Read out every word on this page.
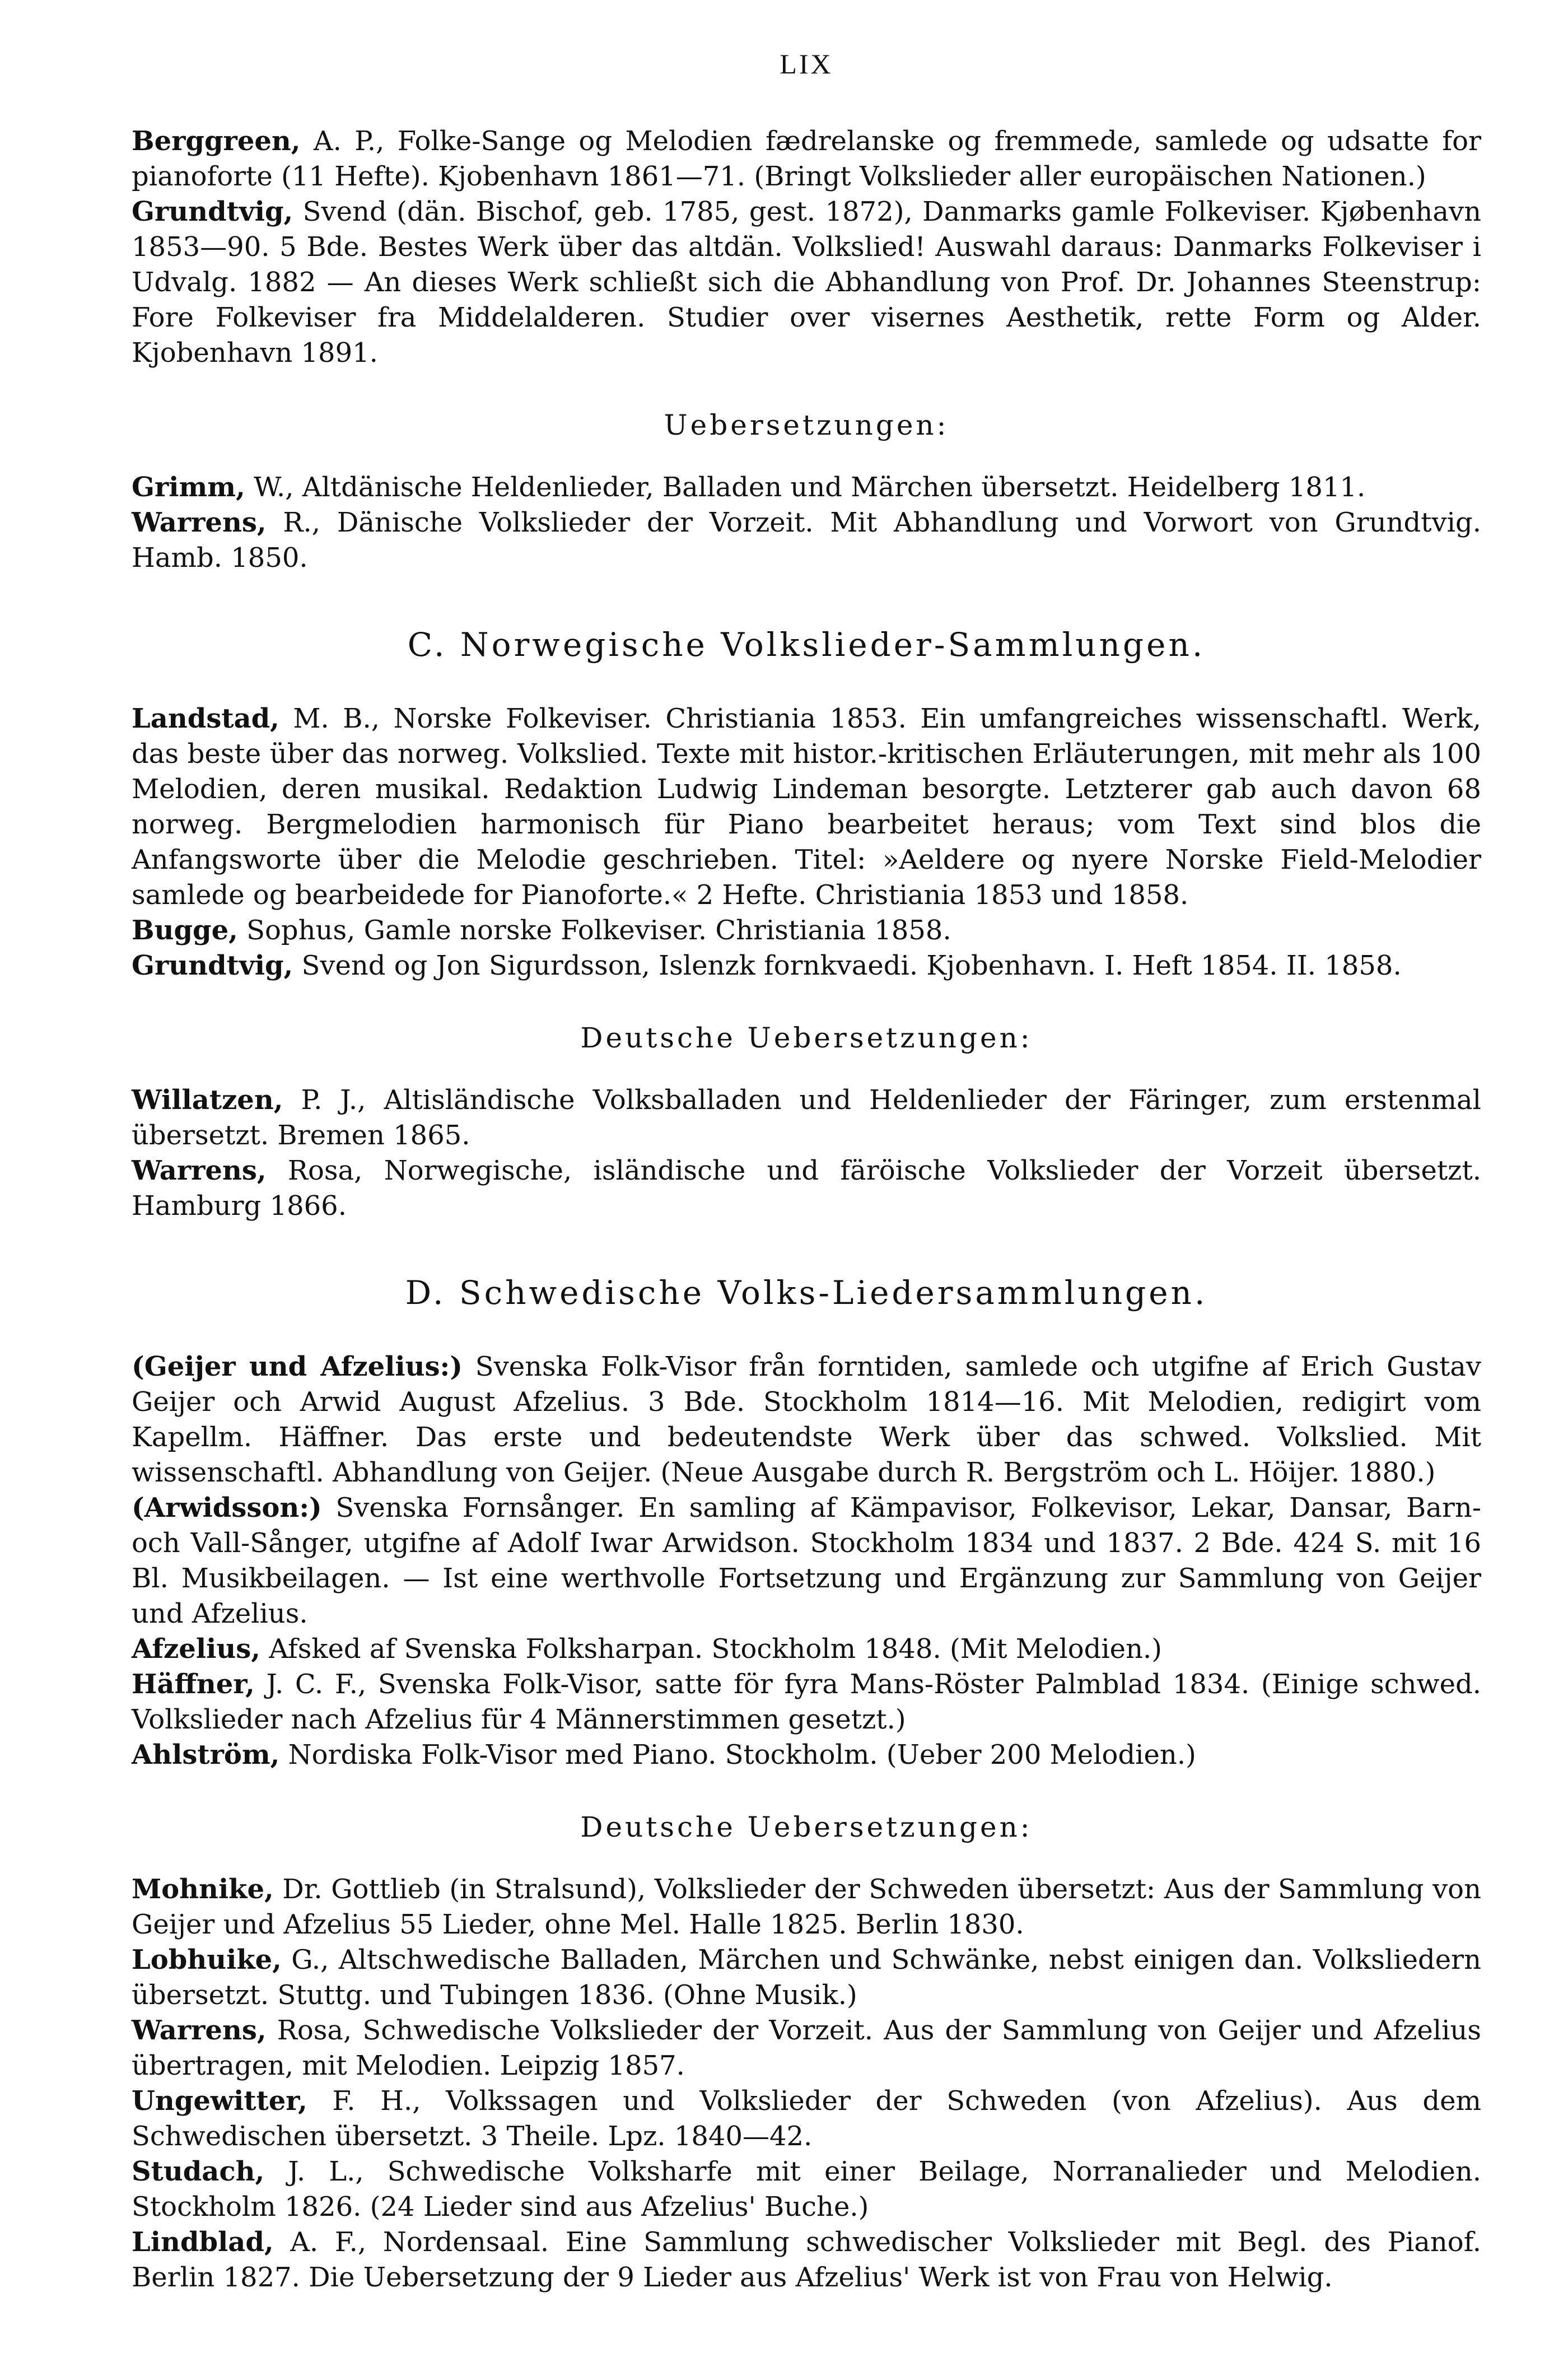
LIX

Berggreen, A. P., Folke-Sange og Melodien fædrelanske og fremmede, samlede og udsatte for pianoforte (11 Hefte). Kjobenhavn 1861—71. (Bringt Volkslieder aller europäischen Nationen.)

Grundtvig, Svend (dän. Bischof, geb. 1785, gest. 1872), Danmarks gamle Folkeviser. Kjøbenhavn 1853—90. 5 Bde. Bestes Werk über das altdän. Volkslied! Auswahl daraus: Danmarks Folkeviser i Udvalg. 1882 — An dieses Werk schließt sich die Abhandlung von Prof. Dr. Johannes Steenstrup: Fore Folkeviser fra Middelalderen. Studier over visernes Aesthetik, rette Form og Alder. Kjobenhavn 1891.

Uebersetzungen:

Grimm, W., Altdänische Heldenlieder, Balladen und Märchen übersetzt. Heidelberg 1811.

Warrens, R., Dänische Volkslieder der Vorzeit. Mit Abhandlung und Vorwort von Grundtvig. Hamb. 1850.

C. Norwegische Volkslieder-Sammlungen.

Landstad, M. B., Norske Folkeviser. Christiania 1853. Ein umfangreiches wissenschaftl. Werk, das beste über das norweg. Volkslied. Texte mit histor.-kritischen Erläuterungen, mit mehr als 100 Melodien, deren musikal. Redaktion Ludwig Lindeman besorgte. Letzterer gab auch davon 68 norweg. Bergmelodien harmonisch für Piano bearbeitet heraus; vom Text sind blos die Anfangsworte über die Melodie geschrieben. Titel: »Aeldere og nyere Norske Field-Melodier samlede og bearbeidede for Pianoforte.« 2 Hefte. Christiania 1853 und 1858.

Bugge, Sophus, Gamle norske Folkeviser. Christiania 1858.

Grundtvig, Svend og Jon Sigurdsson, Islenzk fornkvaedi. Kjobenhavn. I. Heft 1854. II. 1858.

Deutsche Uebersetzungen:

Willatzen, P. J., Altisländische Volksballaden und Heldenlieder der Färinger, zum erstenmal übersetzt. Bremen 1865.

Warrens, Rosa, Norwegische, isländische und färöische Volkslieder der Vorzeit übersetzt. Hamburg 1866.

D. Schwedische Volks-Liedersammlungen.

(Geijer und Afzelius:) Svenska Folk-Visor från forntiden, samlede och utgifne af Erich Gustav Geijer och Arwid August Afzelius. 3 Bde. Stockholm 1814—16. Mit Melodien, redigirt vom Kapellm. Häffner. Das erste und bedeutendste Werk über das schwed. Volkslied. Mit wissenschaftl. Abhandlung von Geijer. (Neue Ausgabe durch R. Bergström och L. Höijer. 1880.)

(Arwidsson:) Svenska Fornsånger. En samling af Kämpavisor, Folkevisor, Lekar, Dansar, Barn- och Vall-Sånger, utgifne af Adolf Iwar Arwidson. Stockholm 1834 und 1837. 2 Bde. 424 S. mit 16 Bl. Musikbeilagen. — Ist eine werthvolle Fortsetzung und Ergänzung zur Sammlung von Geijer und Afzelius.

Afzelius, Afsked af Svenska Folksharpan. Stockholm 1848. (Mit Melodien.)

Häffner, J. C. F., Svenska Folk-Visor, satte för fyra Mans-Röster Palmblad 1834. (Einige schwed. Volkslieder nach Afzelius für 4 Männerstimmen gesetzt.)

Ahlström, Nordiska Folk-Visor med Piano. Stockholm. (Ueber 200 Melodien.)

Deutsche Uebersetzungen:

Mohnike, Dr. Gottlieb (in Stralsund), Volkslieder der Schweden übersetzt: Aus der Sammlung von Geijer und Afzelius 55 Lieder, ohne Mel. Halle 1825. Berlin 1830.

Lobhuike, G., Altschwedische Balladen, Märchen und Schwänke, nebst einigen dan. Volksliedern übersetzt. Stuttg. und Tubingen 1836. (Ohne Musik.)

Warrens, Rosa, Schwedische Volkslieder der Vorzeit. Aus der Sammlung von Geijer und Afzelius übertragen, mit Melodien. Leipzig 1857.

Ungewitter, F. H., Volkssagen und Volkslieder der Schweden (von Afzelius). Aus dem Schwedischen übersetzt. 3 Theile. Lpz. 1840—42.

Studach, J. L., Schwedische Volksharfe mit einer Beilage, Norranalieder und Melodien. Stockholm 1826. (24 Lieder sind aus Afzelius' Buche.)

Lindblad, A. F., Nordensaal. Eine Sammlung schwedischer Volkslieder mit Begl. des Pianof. Berlin 1827. Die Uebersetzung der 9 Lieder aus Afzelius' Werk ist von Frau von Helwig.
